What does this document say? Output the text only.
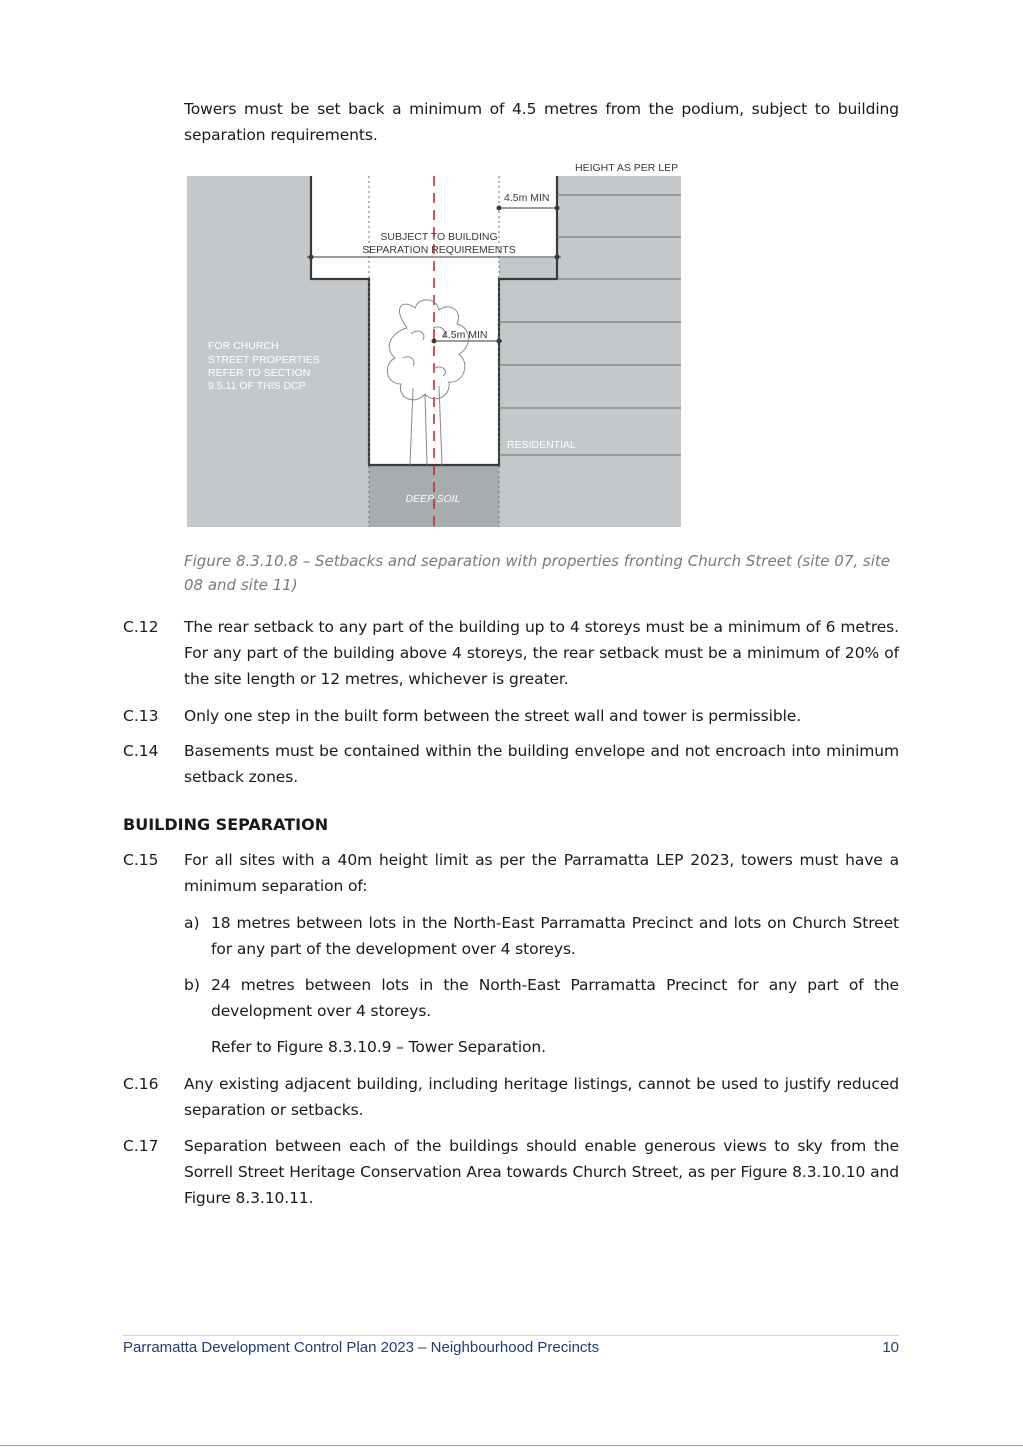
Towers must be set back a minimum of 4.5 metres from the podium, subject to building separation requirements.
HEIGHT AS PER LEP
4.5m MIN
SUBJECT TO BUILDING
SEPARATION REQUIREMENTS
4.5m MIN
FOR CHURCH
STREET PROPERTIES
REFER TO SECTION
9.5.11 OF THIS DCP
RESIDENTIAL
DEEP SOIL
Figure 8.3.10.8 – Setbacks and separation with properties fronting Church Street (site 07, site 08 and site 11)
C.12 The rear setback to any part of the building up to 4 storeys must be a minimum of 6 metres. For any part of the building above 4 storeys, the rear setback must be a minimum of 20% of the site length or 12 metres, whichever is greater.
C.13 Only one step in the built form between the street wall and tower is permissible.
C.14 Basements must be contained within the building envelope and not encroach into minimum setback zones.
BUILDING SEPARATION
C.15 For all sites with a 40m height limit as per the Parramatta LEP 2023, towers must have a minimum separation of:
a) 18 metres between lots in the North-East Parramatta Precinct and lots on Church Street for any part of the development over 4 storeys.
b) 24 metres between lots in the North-East Parramatta Precinct for any part of the development over 4 storeys.
Refer to Figure 8.3.10.9 – Tower Separation.
C.16 Any existing adjacent building, including heritage listings, cannot be used to justify reduced separation or setbacks.
C.17 Separation between each of the buildings should enable generous views to sky from the Sorrell Street Heritage Conservation Area towards Church Street, as per Figure 8.3.10.10 and Figure 8.3.10.11.
Parramatta Development Control Plan 2023 – Neighbourhood Precincts	10
